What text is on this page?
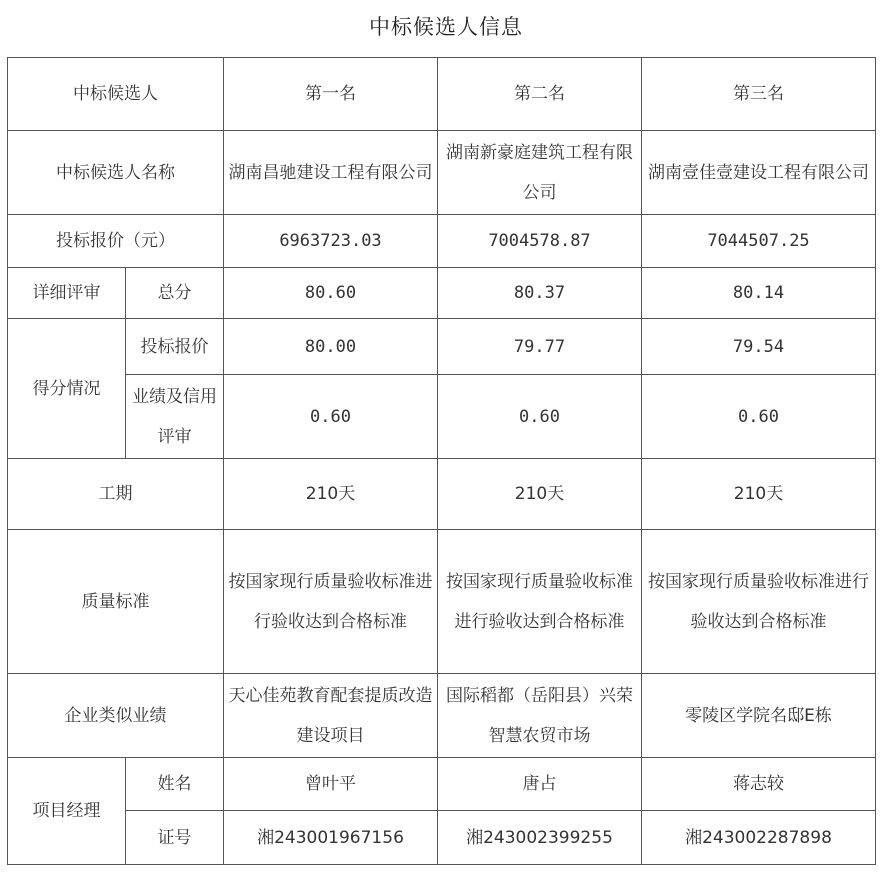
中标候选人信息
中标候选人		第一名	第二名	第三名
中标候选人名称		湖南昌驰建设工程有限公司	湖南新豪庭建筑工程有限公司	湖南壹佳壹建设工程有限公司
投标报价（元）		6963723.03	7004578.87	7044507.25
详细评审	总分	80.60	80.37	80.14
得分情况	投标报价	80.00	79.77	79.54
	业绩及信用评审	0.60	0.60	0.60
工期		210天	210天	210天
质量标准		按国家现行质量验收标准进行验收达到合格标准	按国家现行质量验收标准进行验收达到合格标准	按国家现行质量验收标准进行验收达到合格标准
企业类似业绩		天心佳苑教育配套提质改造建设项目	国际稻都（岳阳县）兴荣智慧农贸市场	零陵区学院名邸E栋
项目经理	姓名	曾叶平	唐占	蒋志较
	证号	湘243001967156	湘243002399255	湘243002287898
